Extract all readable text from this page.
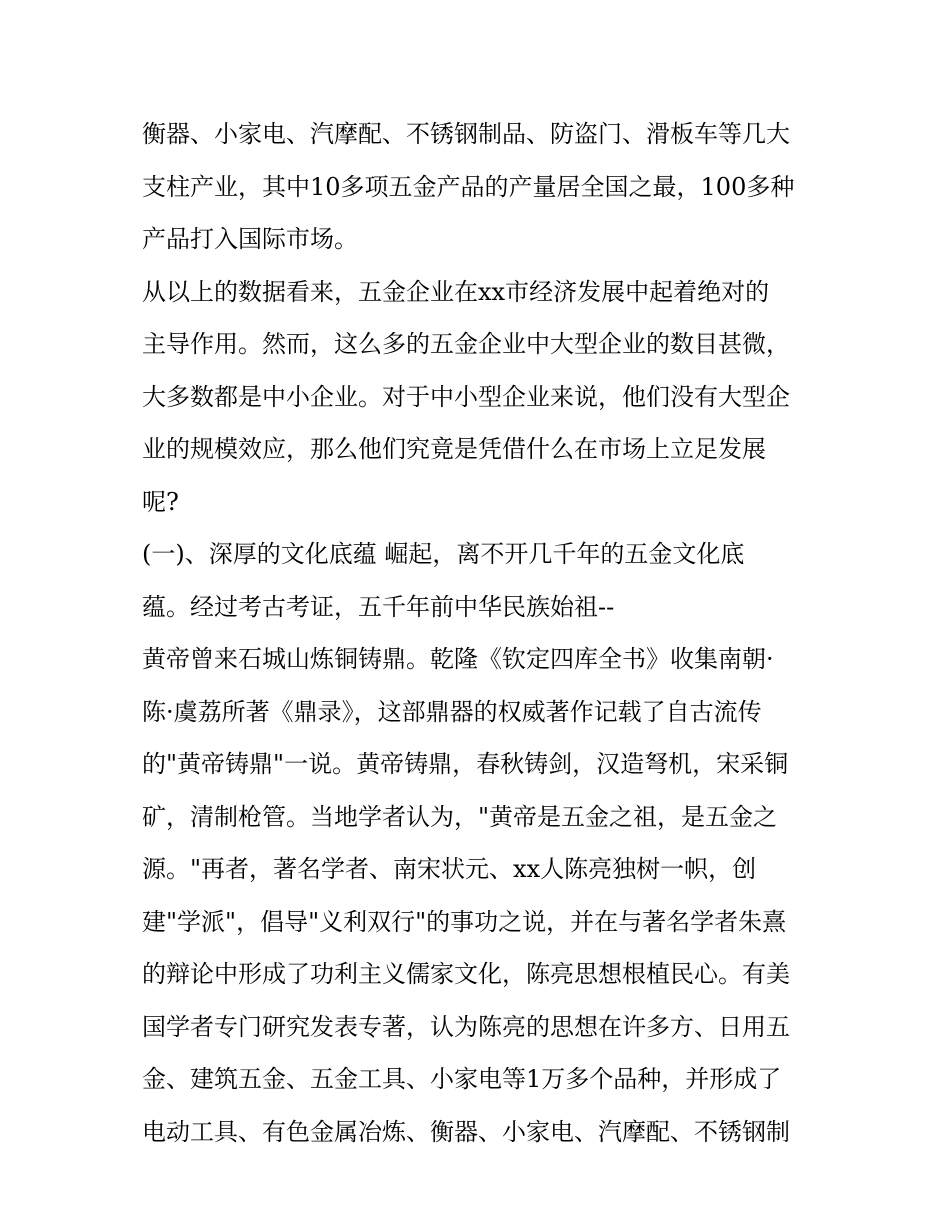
衡器、小家电、汽摩配、不锈钢制品、防盗门、滑板车等几大
支柱产业，其中10多项五金产品的产量居全国之最，100多种
产品打入国际市场。
从以上的数据看来，五金企业在xx市经济发展中起着绝对的
主导作用。然而，这么多的五金企业中大型企业的数目甚微，
大多数都是中小企业。对于中小型企业来说，他们没有大型企
业的规模效应，那么他们究竟是凭借什么在市场上立足发展
呢?
(一)、深厚的文化底蕴 崛起，离不开几千年的五金文化底
蕴。经过考古考证，五千年前中华民族始祖--
黄帝曾来石城山炼铜铸鼎。乾隆《钦定四库全书》收集南朝·
陈·虞荔所著《鼎录》，这部鼎器的权威著作记载了自古流传
的"黄帝铸鼎"一说。黄帝铸鼎，春秋铸剑，汉造弩机，宋采铜
矿，清制枪管。当地学者认为，"黄帝是五金之祖，是五金之
源。"再者，著名学者、南宋状元、xx人陈亮独树一帜，创
建"学派"，倡导"义利双行"的事功之说，并在与著名学者朱熹
的辩论中形成了功利主义儒家文化，陈亮思想根植民心。有美
国学者专门研究发表专著，认为陈亮的思想在许多方、日用五
金、建筑五金、五金工具、小家电等1万多个品种，并形成了
电动工具、有色金属冶炼、衡器、小家电、汽摩配、不锈钢制
